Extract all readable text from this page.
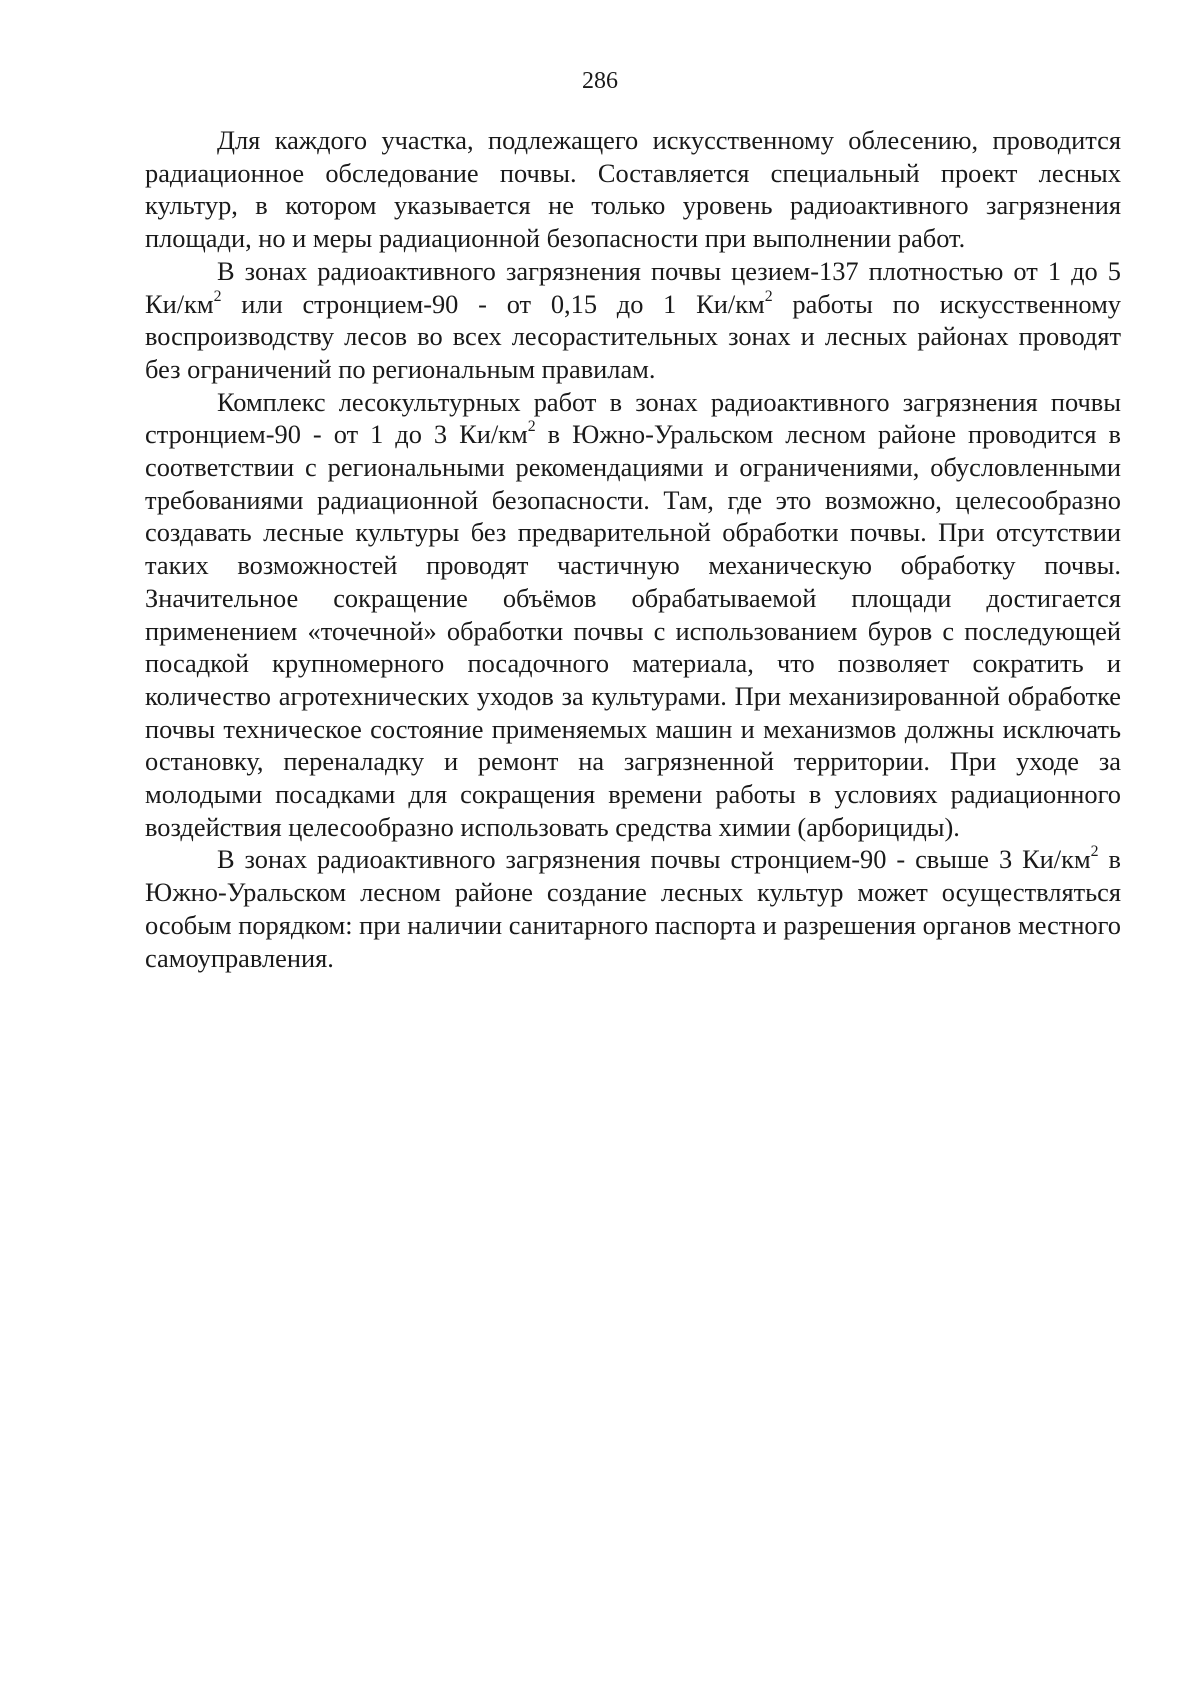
286

Для каждого участка, подлежащего искусственному облесению, проводится радиационное обследование почвы. Составляется специальный проект лесных культур, в котором указывается не только уровень радиоактивного загрязнения площади, но и меры радиационной безопасности при выполнении работ.

В зонах радиоактивного загрязнения почвы цезием-137 плотностью от 1 до 5 $Ки/км^2$ или стронцием-90 - от 0,15 до 1 $Ки/км^2$ работы по искусственному воспроизводству лесов во всех лесорастительных зонах и лесных районах проводят без ограничений по региональным правилам.

Комплекс лесокультурных работ в зонах радиоактивного загрязнения почвы стронцием-90 - от 1 до 3 $Ки/км^2$ в Южно-Уральском лесном районе проводится в соответствии с региональными рекомендациями и ограничениями, обусловленными требованиями радиационной безопасности. Там, где это возможно, целесообразно создавать лесные культуры без предварительной обработки почвы. При отсутствии таких возможностей проводят частичную механическую обработку почвы. Значительное сокращение объёмов обрабатываемой площади достигается применением «точечной» обработки почвы с использованием буров с последующей посадкой крупномерного посадочного материала, что позволяет сократить и количество агротехнических уходов за культурами. При механизированной обработке почвы техническое состояние применяемых машин и механизмов должны исключать остановку, переналадку и ремонт на загрязненной территории. При уходе за молодыми посадками для сокращения времени работы в условиях радиационного воздействия целесообразно использовать средства химии (арборициды).

В зонах радиоактивного загрязнения почвы стронцием-90 - свыше 3 $Ки/км^2$ в Южно-Уральском лесном районе создание лесных культур может осуществляться особым порядком: при наличии санитарного паспорта и разрешения органов местного самоуправления.
